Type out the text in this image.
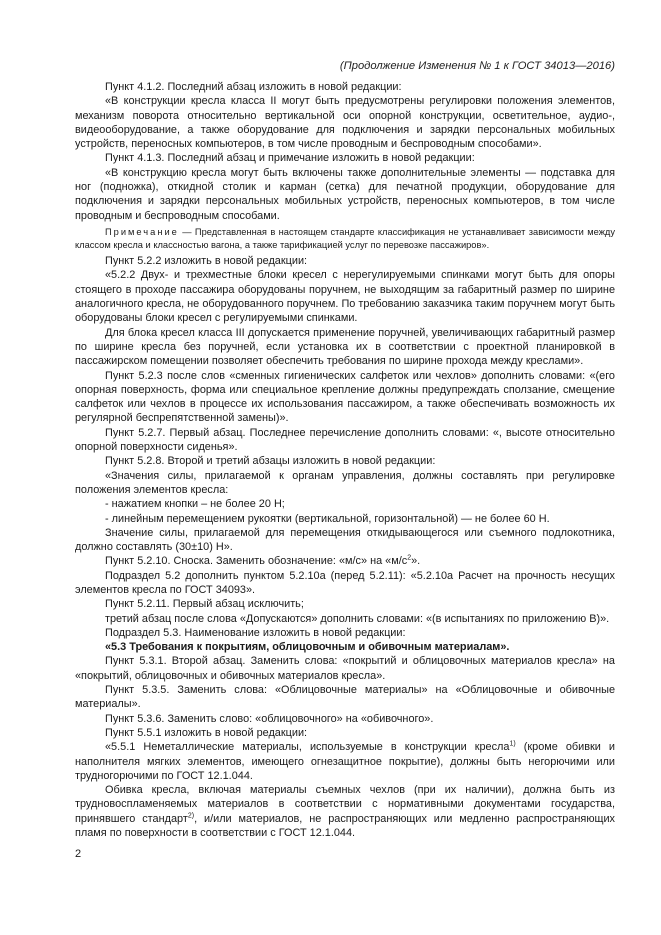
(Продолжение Изменения № 1 к ГОСТ 34013—2016)

Пункт 4.1.2. Последний абзац изложить в новой редакции:

«В конструкции кресла класса II могут быть предусмотрены регулировки положения элементов, механизм поворота относительно вертикальной оси опорной конструкции, осветительное, аудио-, видеооборудование, а также оборудование для подключения и зарядки персональных мобильных устройств, переносных компьютеров, в том числе проводным и беспроводным способами».

Пункт 4.1.3. Последний абзац и примечание изложить в новой редакции:

«В конструкцию кресла могут быть включены также дополнительные элементы — подставка для ног (подножка), откидной столик и карман (сетка) для печатной продукции, оборудование для подключения и зарядки персональных мобильных устройств, переносных компьютеров, в том числе проводным и беспроводным способами.

Примечание — Представленная в настоящем стандарте классификация не устанавливает зависимости между классом кресла и классностью вагона, а также тарификацией услуг по перевозке пассажиров».

Пункт 5.2.2 изложить в новой редакции:

«5.2.2 Двух- и трехместные блоки кресел с нерегулируемыми спинками могут быть для опоры стоящего в проходе пассажира оборудованы поручнем, не выходящим за габаритный размер по ширине аналогичного кресла, не оборудованного поручнем. По требованию заказчика таким поручнем могут быть оборудованы блоки кресел с регулируемыми спинками.

Для блока кресел класса III допускается применение поручней, увеличивающих габаритный размер по ширине кресла без поручней, если установка их в соответствии с проектной планировкой в пассажирском помещении позволяет обеспечить требования по ширине прохода между креслами».

Пункт 5.2.3 после слов «сменных гигиенических салфеток или чехлов» дополнить словами: «(его опорная поверхность, форма или специальное крепление должны предупреждать сползание, смещение салфеток или чехлов в процессе их использования пассажиром, а также обеспечивать возможность их регулярной беспрепятственной замены)».

Пункт 5.2.7. Первый абзац. Последнее перечисление дополнить словами: «, высоте относительно опорной поверхности сиденья».

Пункт 5.2.8. Второй и третий абзацы изложить в новой редакции:

«Значения силы, прилагаемой к органам управления, должны составлять при регулировке положения элементов кресла:

- нажатием кнопки – не более 20 Н;

- линейным перемещением рукоятки (вертикальной, горизонтальной) — не более 60 Н.

Значение силы, прилагаемой для перемещения откидывающегося или съемного подлокотника, должно составлять (30±10) Н».

Пункт 5.2.10. Сноска. Заменить обозначение: «м/с» на «$м/с^2$».

Подраздел 5.2 дополнить пунктом 5.2.10а (перед 5.2.11): «5.2.10а Расчет на прочность несущих элементов кресла по ГОСТ 34093».

Пункт 5.2.11. Первый абзац исключить;

третий абзац после слова «Допускаются» дополнить словами: «(в испытаниях по приложению В)».

Подраздел 5.3. Наименование изложить в новой редакции:

«5.3 Требования к покрытиям, облицовочным и обивочным материалам».

Пункт 5.3.1. Второй абзац. Заменить слова: «покрытий и облицовочных материалов кресла» на «покрытий, облицовочных и обивочных материалов кресла».

Пункт 5.3.5. Заменить слова: «Облицовочные материалы» на «Облицовочные и обивочные материалы».

Пункт 5.3.6. Заменить слово: «облицовочного» на «обивочного».

Пункт 5.5.1 изложить в новой редакции:

«5.5.1 Неметаллические материалы, используемые в конструкции кресла$^{1)}$ (кроме обивки и наполнителя мягких элементов, имеющего огнезащитное покрытие), должны быть негорючими или трудногорючими по ГОСТ 12.1.044.

Обивка кресла, включая материалы съемных чехлов (при их наличии), должна быть из трудновоспламеняемых материалов в соответствии с нормативными документами государства, принявшего стандарт$^{2)}$, и/или материалов, не распространяющих или медленно распространяющих пламя по поверхности в соответствии с ГОСТ 12.1.044.

2
